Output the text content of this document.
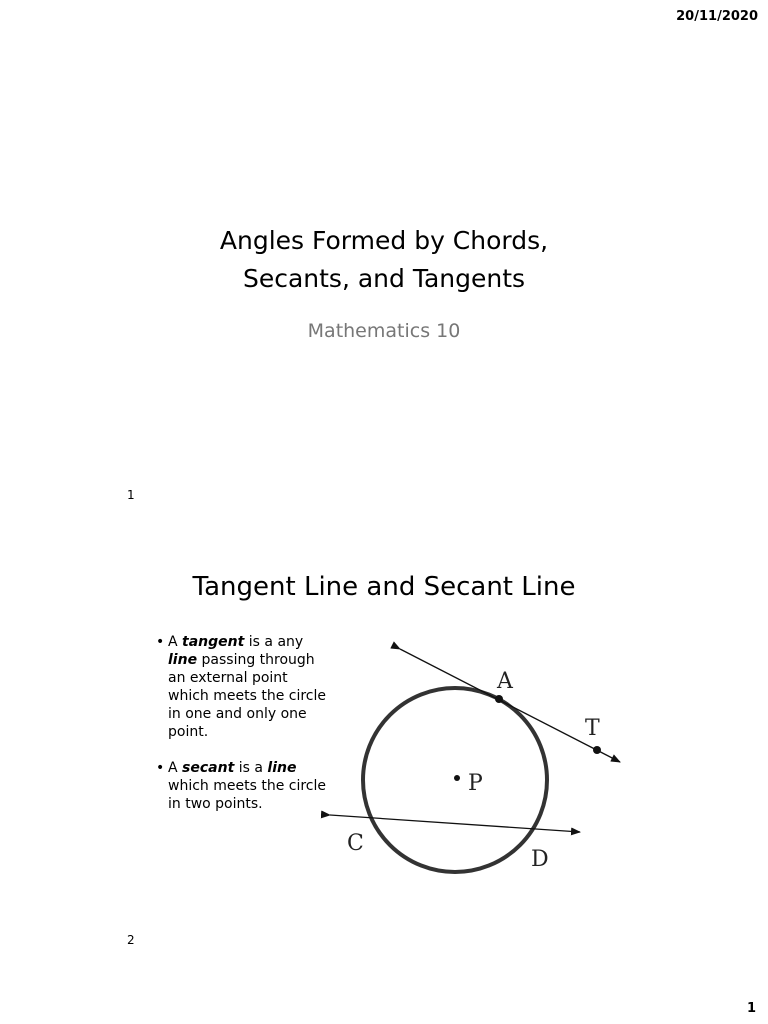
20/11/2020
Angles Formed by Chords,
Secants, and Tangents
Mathematics 10
1
Tangent Line and Secant Line
• A tangent is a any line passing through an external point which meets the circle in one and only one point.
• A secant is a line which meets the circle in two points.
A
T
P
C
D
2
1
